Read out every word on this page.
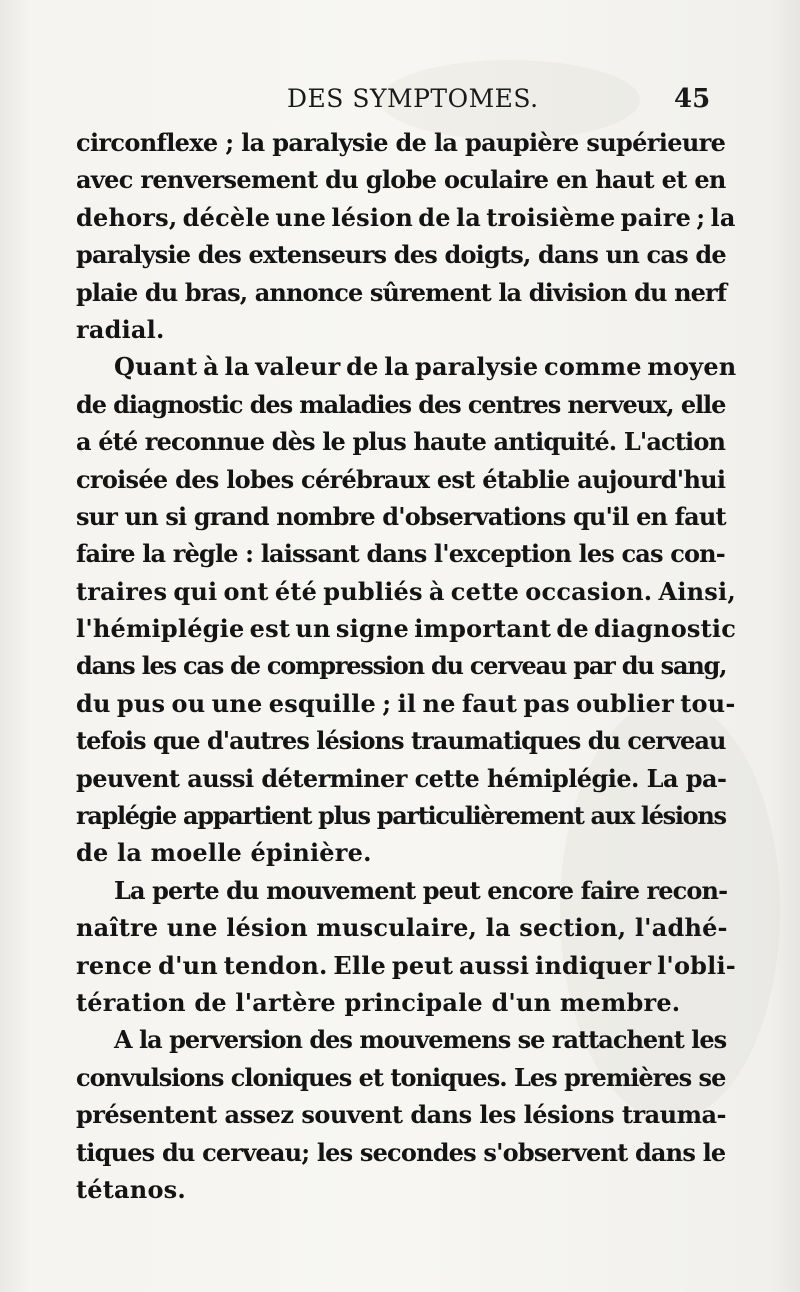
DES SYMPTOMES.	45
circonflexe ; la paralysie de la paupière supérieure
avec renversement du globe oculaire en haut et en
dehors, décèle une lésion de la troisième paire ; la
paralysie des extenseurs des doigts, dans un cas de
plaie du bras, annonce sûrement la division du nerf
radial.
Quant à la valeur de la paralysie comme moyen
de diagnostic des maladies des centres nerveux, elle
a été reconnue dès le plus haute antiquité. L'action
croisée des lobes cérébraux est établie aujourd'hui
sur un si grand nombre d'observations qu'il en faut
faire la règle : laissant dans l'exception les cas con-
traires qui ont été publiés à cette occasion. Ainsi,
l'hémiplégie est un signe important de diagnostic
dans les cas de compression du cerveau par du sang,
du pus ou une esquille ; il ne faut pas oublier tou-
tefois que d'autres lésions traumatiques du cerveau
peuvent aussi déterminer cette hémiplégie. La pa-
raplégie appartient plus particulièrement aux lésions
de la moelle épinière.
La perte du mouvement peut encore faire recon-
naître une lésion musculaire, la section, l'adhé-
rence d'un tendon. Elle peut aussi indiquer l'obli-
tération de l'artère principale d'un membre.
A la perversion des mouvemens se rattachent les
convulsions cloniques et toniques. Les premières se
présentent assez souvent dans les lésions trauma-
tiques du cerveau; les secondes s'observent dans le
tétanos.
